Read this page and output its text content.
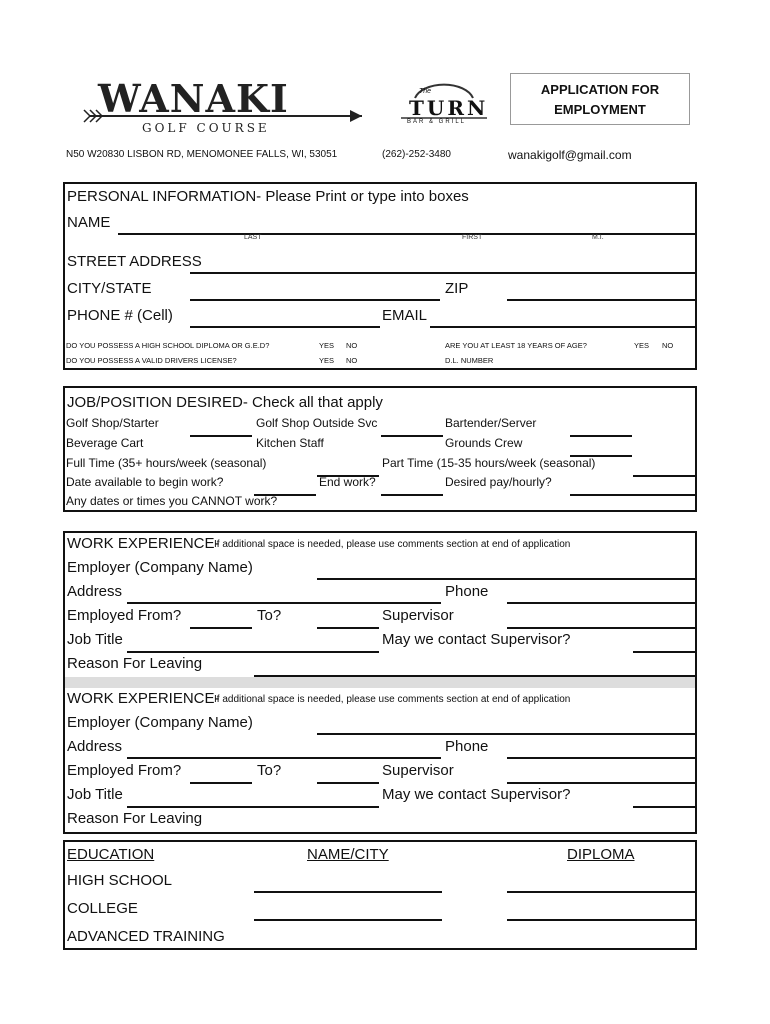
WANAKI
GOLF COURSE
The
TURN
BAR & GRILL
APPLICATION FOR
EMPLOYMENT
N50 W20830 LISBON RD, MENOMONEE FALLS, WI, 53051	(262)-252-3480	wanakigolf@gmail.com
PERSONAL INFORMATION- Please Print or type into boxes
NAME
LAST	FIRST	M.I.
STREET ADDRESS
CITY/STATE	ZIP
PHONE # (Cell)	EMAIL
DO YOU POSSESS A HIGH SCHOOL DIPLOMA OR G.E.D?	YES NO	ARE YOU AT LEAST 18 YEARS OF AGE?	YES NO
DO YOU POSSESS A VALID DRIVERS LICENSE?	YES NO	D.L. NUMBER
JOB/POSITION DESIRED- Check all that apply
Golf Shop/Starter	Golf Shop Outside Svc	Bartender/Server
Beverage Cart	Kitchen Staff	Grounds Crew
Full Time (35+ hours/week (seasonal)	Part Time (15-35 hours/week (seasonal)
Date available to begin work?	End work?	Desired pay/hourly?
Any dates or times you CANNOT work?
WORK EXPERIENCE-
If additional space is needed, please use comments section at end of application
Employer (Company Name)
Address	Phone
Employed From?	To?	Supervisor
Job Title	May we contact Supervisor?
Reason For Leaving
WORK EXPERIENCE-
If additional space is needed, please use comments section at end of application
Employer (Company Name)
Address	Phone
Employed From?	To?	Supervisor
Job Title	May we contact Supervisor?
Reason For Leaving
EDUCATION	NAME/CITY	DIPLOMA
HIGH SCHOOL
COLLEGE
ADVANCED TRAINING
